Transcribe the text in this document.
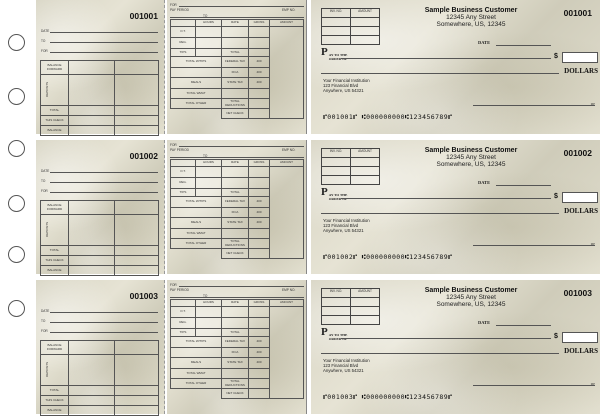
001001
DATE
TO
FOR
BALANCE FORWARD		

DEPOSITS		

TOTAL		
THIS CHECK		
BALANCE		
FOR
PAY PERIOD	EMP NO.
TO
	HOURS	RATE	GROSS	AMOUNT
O.T.				
REG.				
TIPS		TOTAL		
TOTAL W/TIPS		FEDERAL TAX	400	
		FICA	400	
MEALS		STATE TAX	400	
TOTAL WMAT				
TOTAL OTHER		TOTAL DEDUCTIONS		
		NET CHECK		
INV. NO.	AMOUNT

		Sample Business Customer
12345 Any Street
Somewhere, US, 12345
001001
DATE
P AY TO THE
ORDER OF	$
DOLLARS
Your Financial Institution
123 Financial Blvd
Anywhere, US 54321
MP
⑈001001⑈ ⑆000000000⑆123456789⑈
001002
DATE
TO
FOR
BALANCE FORWARD		

DEPOSITS		

TOTAL		
THIS CHECK		
BALANCE		
FOR
PAY PERIOD	EMP NO.
TO
	HOURS	RATE	GROSS	AMOUNT
O.T.				
REG.				
TIPS		TOTAL		
TOTAL W/TIPS		FEDERAL TAX	400	
		FICA	400	
MEALS		STATE TAX	400	
TOTAL WMAT				
TOTAL OTHER		TOTAL DEDUCTIONS		
		NET CHECK		
INV. NO.	AMOUNT

		Sample Business Customer
12345 Any Street
Somewhere, US, 12345
001002
DATE
P AY TO THE
ORDER OF	$
DOLLARS
Your Financial Institution
123 Financial Blvd
Anywhere, US 54321
MP
⑈001002⑈ ⑆000000000⑆123456789⑈
001003
DATE
TO
FOR
BALANCE FORWARD		

DEPOSITS		

TOTAL		
THIS CHECK		
BALANCE		
FOR
PAY PERIOD	EMP NO.
TO
	HOURS	RATE	GROSS	AMOUNT
O.T.				
REG.				
TIPS		TOTAL		
TOTAL W/TIPS		FEDERAL TAX	400	
		FICA	400	
MEALS		STATE TAX	400	
TOTAL WMAT				
TOTAL OTHER		TOTAL DEDUCTIONS		
		NET CHECK		
INV. NO.	AMOUNT

		Sample Business Customer
12345 Any Street
Somewhere, US, 12345
001003
DATE
P AY TO THE
ORDER OF	$
DOLLARS
Your Financial Institution
123 Financial Blvd
Anywhere, US 54321
MP
⑈001003⑈ ⑆000000000⑆123456789⑈
